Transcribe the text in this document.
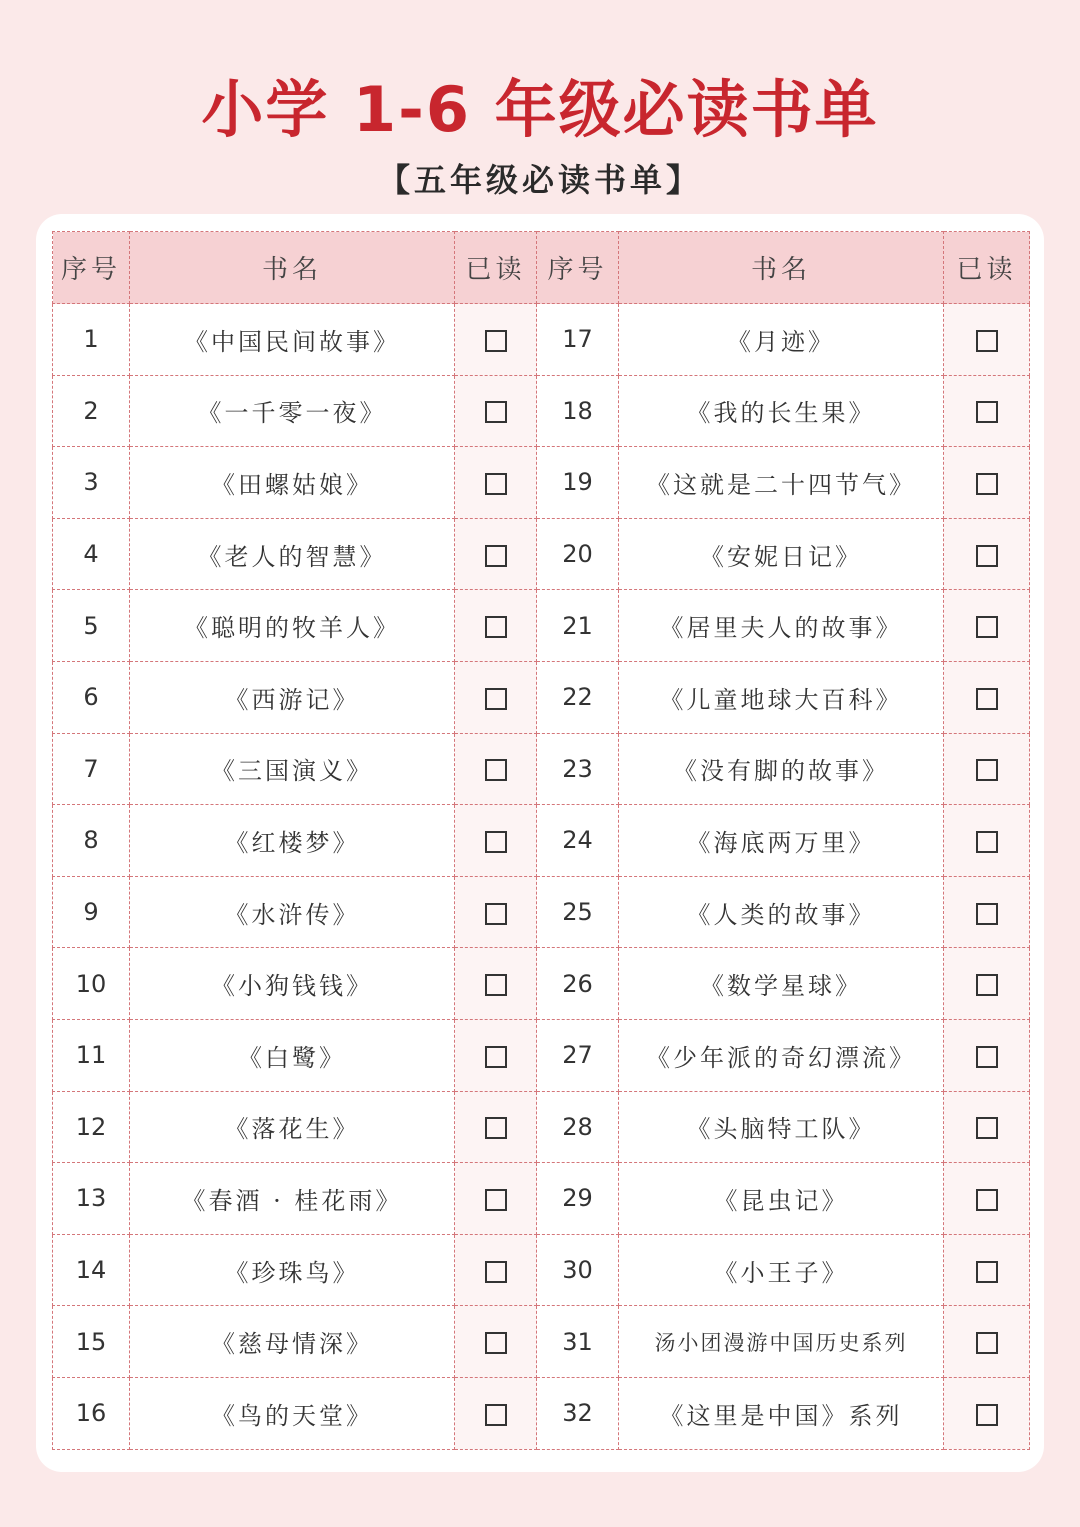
小学 1-6 年级必读书单
【五年级必读书单】
序号	书名	已读	序号	书名	已读
1	《中国民间故事》		17	《月迹》	
2	《一千零一夜》		18	《我的长生果》	
3	《田螺姑娘》		19	《这就是二十四节气》	
4	《老人的智慧》		20	《安妮日记》	
5	《聪明的牧羊人》		21	《居里夫人的故事》	
6	《西游记》		22	《儿童地球大百科》	
7	《三国演义》		23	《没有脚的故事》	
8	《红楼梦》		24	《海底两万里》	
9	《水浒传》		25	《人类的故事》	
10	《小狗钱钱》		26	《数学星球》	
11	《白鹭》		27	《少年派的奇幻漂流》	
12	《落花生》		28	《头脑特工队》	
13	《春酒 · 桂花雨》		29	《昆虫记》	
14	《珍珠鸟》		30	《小王子》	
15	《慈母情深》		31	汤小团漫游中国历史系列	
16	《鸟的天堂》		32	《这里是中国》系列	
